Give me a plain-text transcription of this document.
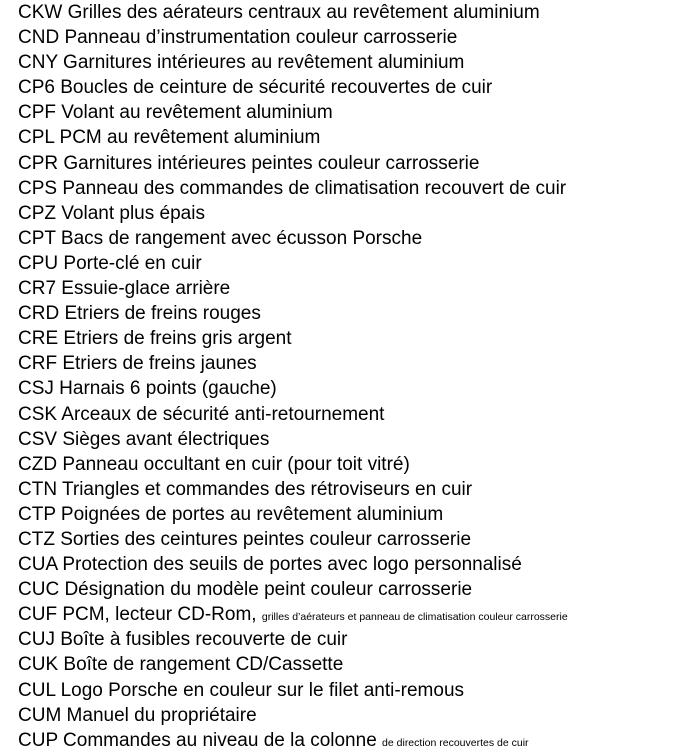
CKW Grilles des aérateurs centraux au revêtement aluminium
CND Panneau d’instrumentation couleur carrosserie
CNY Garnitures intérieures au revêtement aluminium
CP6 Boucles de ceinture de sécurité recouvertes de cuir
CPF Volant au revêtement aluminium
CPL PCM au revêtement aluminium
CPR Garnitures intérieures peintes couleur carrosserie
CPS Panneau des commandes de climatisation recouvert de cuir
CPZ Volant plus épais
CPT Bacs de rangement avec écusson Porsche
CPU Porte-clé en cuir
CR7 Essuie-glace arrière
CRD Etriers de freins rouges
CRE Etriers de freins gris argent
CRF Etriers de freins jaunes
CSJ Harnais 6 points (gauche)
CSK Arceaux de sécurité anti-retournement
CSV Sièges avant électriques
CZD Panneau occultant en cuir (pour toit vitré)
CTN Triangles et commandes des rétroviseurs en cuir
CTP Poignées de portes au revêtement aluminium
CTZ Sorties des ceintures peintes couleur carrosserie
CUA Protection des seuils de portes avec logo personnalisé
CUC Désignation du modèle peint couleur carrosserie
CUF PCM, lecteur CD-Rom, grilles d’aérateurs et panneau de climatisation couleur carrosserie
CUJ Boîte à fusibles recouverte de cuir
CUK Boîte de rangement CD/Cassette
CUL Logo Porsche en couleur sur le filet anti-remous
CUM Manuel du propriétaire
CUP Commandes au niveau de la colonne de direction recouvertes de cuir
